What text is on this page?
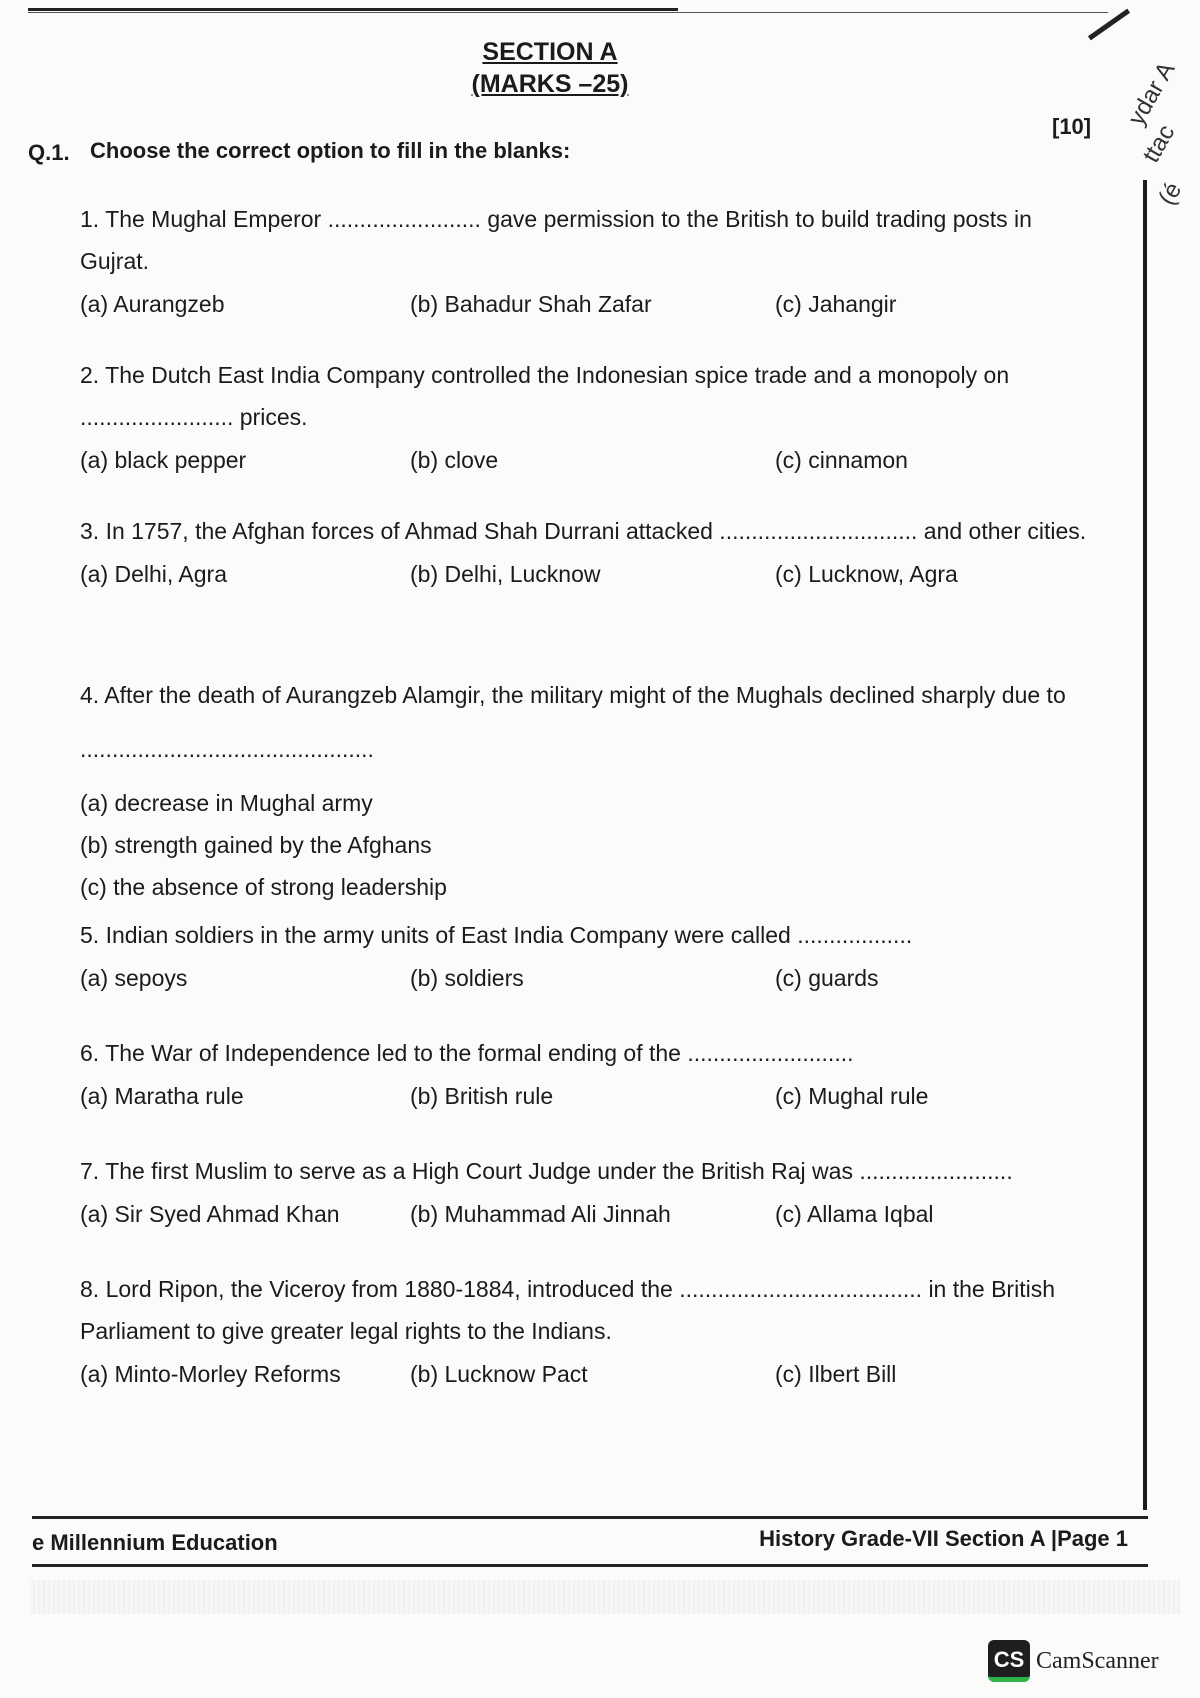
ydar A
ttac
(é
SECTION A
(MARKS –25)
Q.1. Choose the correct option to fill in the blanks:
[10]
1. The Mughal Emperor ........................ gave permission to the British to build trading posts in Gujrat.
(a) Aurangzeb	(b) Bahadur Shah Zafar	(c) Jahangir
2. The Dutch East India Company controlled the Indonesian spice trade and a monopoly on ........................ prices.
(a) black pepper	(b) clove	(c) cinnamon
3. In 1757, the Afghan forces of Ahmad Shah Durrani attacked ............................... and other cities.
(a) Delhi, Agra	(b) Delhi, Lucknow	(c) Lucknow, Agra
4. After the death of Aurangzeb Alamgir, the military might of the Mughals declined sharply due to ..............................................
(a) decrease in Mughal army
(b) strength gained by the Afghans
(c) the absence of strong leadership
5. Indian soldiers in the army units of East India Company were called ..................
(a) sepoys	(b) soldiers	(c) guards
6. The War of Independence led to the formal ending of the ..........................
(a) Maratha rule	(b) British rule	(c) Mughal rule
7. The first Muslim to serve as a High Court Judge under the British Raj was ........................
(a) Sir Syed Ahmad Khan	(b) Muhammad Ali Jinnah	(c) Allama Iqbal
8. Lord Ripon, the Viceroy from 1880-1884, introduced the ...................................... in the British Parliament to give greater legal rights to the Indians.
(a) Minto-Morley Reforms	(b) Lucknow Pact	(c) Ilbert Bill
e Millennium Education	History Grade-VII Section A |Page 1
CS CamScanner
